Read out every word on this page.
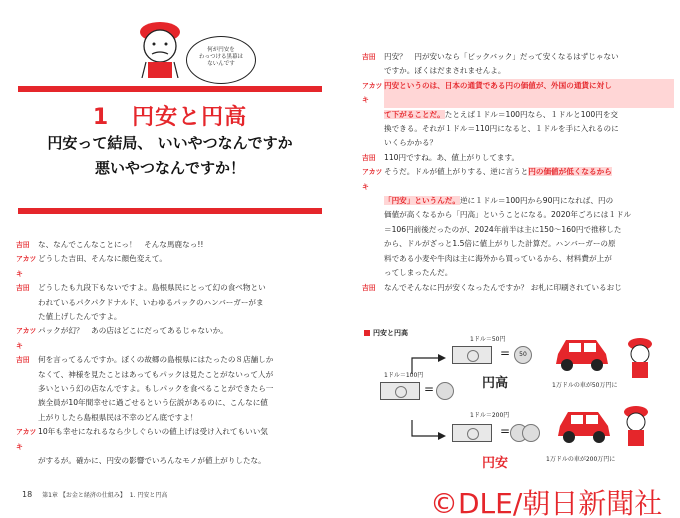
何が円安を
わっつける黒幕は
ないんです
1　円安と円高
円安って結局、 いいやつなんですか
悪いやつなんですか！
吉田	な、なんでこんなことにっ！　そんな馬鹿なっ!!
アカツキ
どうした吉田、そんなに顔色変えて。
吉田	どうしたも九段下もないですよ。島根県民にとって幻の食べ物とい
われているパクパクドナルド、いわゆるパックのハンバーガーがま
た値上げしたんですよ。
アカツキ
パックが幻？　あの店はどこにだってあるじゃないか。
吉田	何を言ってるんですか。ぼくの故郷の島根県にはたったの８店舗しか
なくて、神様を見たことはあってもパックは見たことがないって人が
多いという幻の店なんですよ。もしパックを食べることができたら一
族全員が10年間幸せに過ごせるという伝説があるのに、こんなに値
上がりしたら島根県民は不幸のどん底ですよ！
アカツキ
10年も幸せになれるなら少しぐらいの値上げは受け入れてもいい気
がするが。確かに、円安の影響でいろんなモノが値上がりしたな。
18 第1章 【お金と経済の仕組み】 1. 円安と円高
吉田	円安？　円が安いなら「ビックバック」だって安くなるはずじゃない
ですか。ぼくはだまされませんよ。
アカツキ
円安というのは、日本の通貨である円の価値が、外国の通貨に対し
て下がることだ。たとえば１ドル＝100円なら、１ドルと100円を交
換できる。それが１ドル＝110円になると、１ドルを手に入れるのに
いくらかかる？
吉田	110円ですね。あ、値上がりしてます。
アカツキ
そうだ。ドルが値上がりする、逆に言うと円の価値が低くなるから
「円安」というんだ。逆に１ドル＝100円から90円になれば、円の
価値が高くなるから「円高」ということになる。2020年ごろには１ドル
＝106円前後だったのが、2024年前半は主に150～160円で推移した
から、ドルがざっと1.5倍に値上がりした計算だ。ハンバーガーの原
料である小麦や牛肉は主に海外から買っているから、材料費が上が
ってしまったんだ。
吉田	なんでそんなに円が安くなったんですか？ お札に印刷されているおじ
円安と円高
1ドル＝100円
=
1ドル＝50円
=	50
円高
1ドル＝200円
=
円安
1万ドルの車が50万円に
1万ドルの車が200万円に
©DLE/朝日新聞社
